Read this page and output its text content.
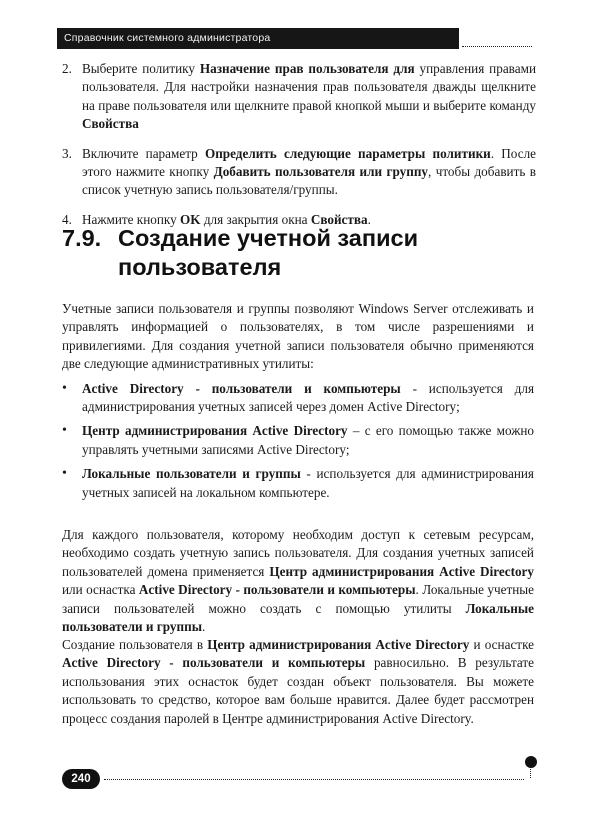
Справочник системного администратора
2. Выберите политику Назначение прав пользователя для управления правами пользователя. Для настройки назначения прав пользователя дважды щелкните на праве пользователя или щелкните правой кнопкой мыши и выберите команду Свойства
3. Включите параметр Определить следующие параметры политики. После этого нажмите кнопку Добавить пользователя или группу, чтобы добавить в список учетную запись пользователя/группы.
4. Нажмите кнопку OK для закрытия окна Свойства.
7.9. Создание учетной записи
пользователя

Учетные записи пользователя и группы позволяют Windows Server отслеживать и управлять информацией о пользователях, в том числе разрешениями и привилегиями. Для создания учетной записи пользователя обычно применяются две следующие административных утилиты:

•	Active Directory - пользователи и компьютеры - используется для администрирования учетных записей через домен Active Directory;
•	Центр администрирования Active Directory – с его помощью также можно управлять учетными записями Active Directory;
•	Локальные пользователи и группы - используется для администрирования учетных записей на локальном компьютере.

Для каждого пользователя, которому необходим доступ к сетевым ресурсам, необходимо создать учетную запись пользователя. Для создания учетных записей пользователей домена применяется Центр администрирования Active Directory или оснастка Active Directory - пользователи и компьютеры. Локальные учетные записи пользователей можно создать с помощью утилиты Локальные пользователи и группы.

Создание пользователя в Центр администрирования Active Directory и оснастке Active Directory - пользователи и компьютеры равносильно. В результате использования этих оснасток будет создан объект пользователя. Вы можете использовать то средство, которое вам больше нравится. Далее будет рассмотрен процесс создания паролей в Центре администрирования Active Directory.

240
